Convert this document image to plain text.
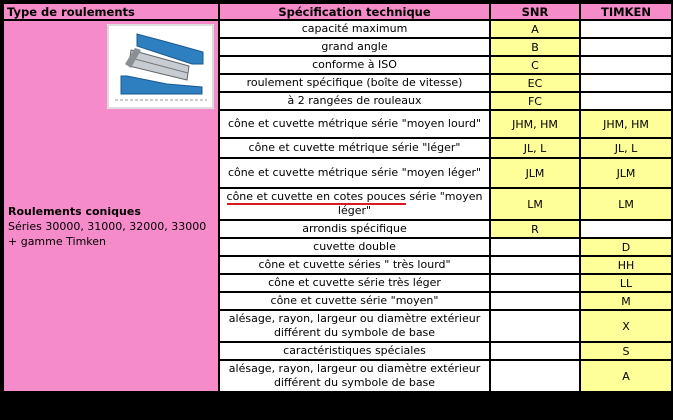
Type de roulements	Spécification technique	SNR	TIMKEN

Roulements coniques
Séries 30000, 31000, 32000, 33000 + gamme Timken	capacité maximum	A	
	grand angle	B	
	conforme à ISO	C	
	roulement spécifique (boîte de vitesse)	EC	
	à 2 rangées de rouleaux	FC	
	cône et cuvette métrique série "moyen lourd"	JHM, HM	JHM, HM
	cône et cuvette métrique série "léger"	JL, L	JL, L
	cône et cuvette métrique série "moyen léger"	JLM	JLM
	cône et cuvette en cotes pouces série "moyen léger"	LM	LM
	arrondis spécifique	R	
	cuvette double		D
	cône et cuvette séries " très lourd"		HH
	cône et cuvette série très léger		LL
	cône et cuvette série "moyen"		M
	alésage, rayon, largeur ou diamètre extérieur différent du symbole de base		X
	caractéristiques spéciales		S
	alésage, rayon, largeur ou diamètre extérieur différent du symbole de base		A
